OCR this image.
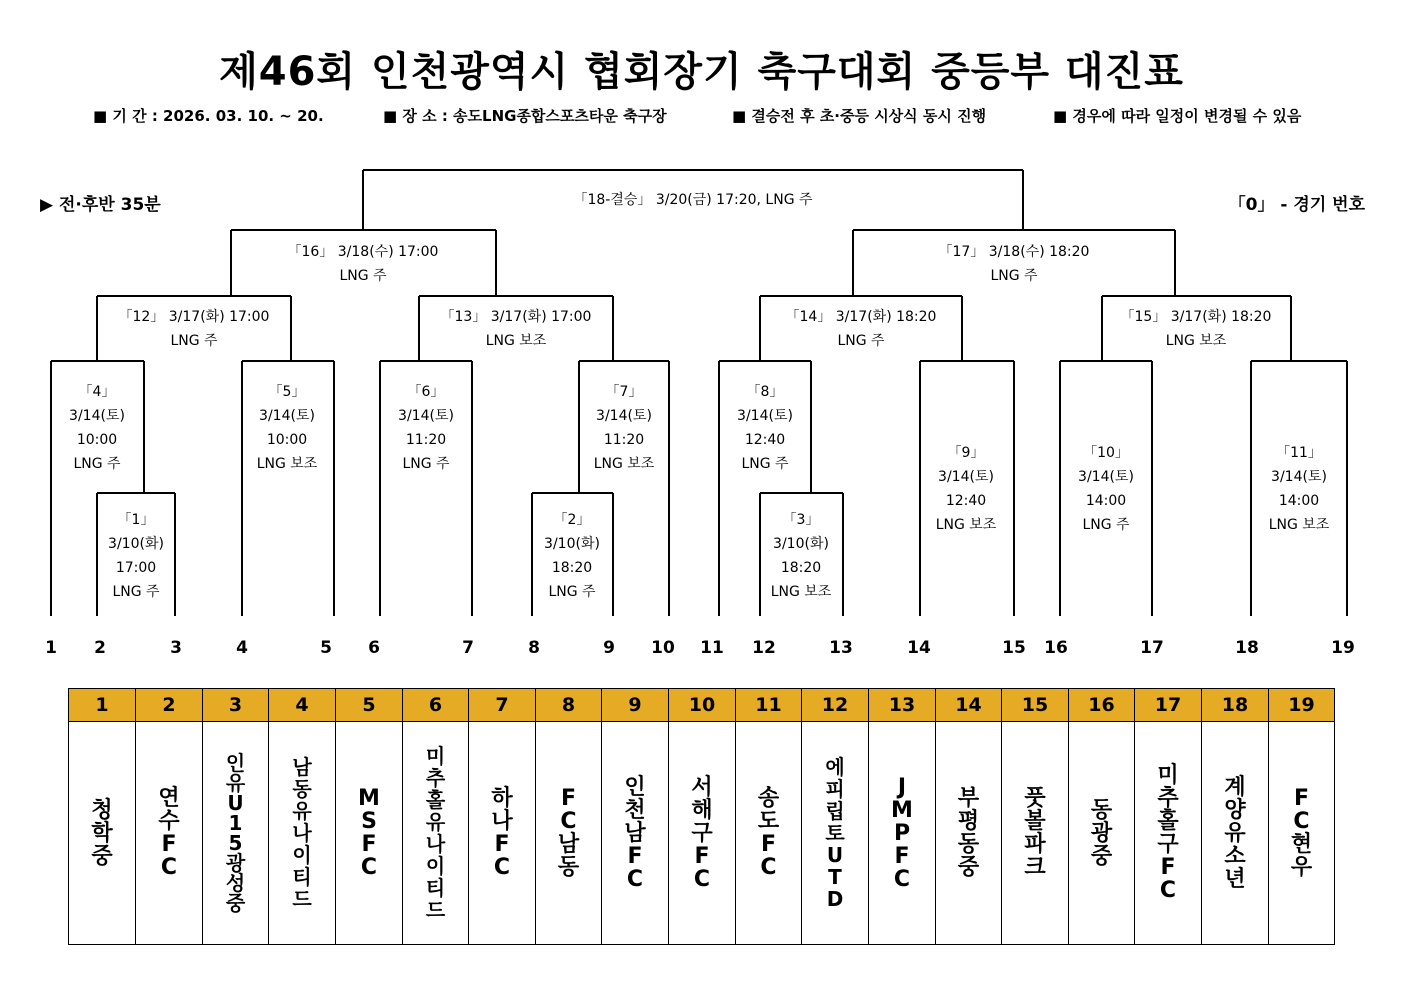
제46회 인천광역시 협회장기 축구대회 중등부 대진표
■ 기 간 : 2026. 03. 10. ~ 20.	■ 장 소 : 송도LNG종합스포츠타운 축구장	■ 결승전 후 초·중등 시상식 동시 진행	■ 경우에 따라 일정이 변경될 수 있음
▶ 전·후반 35분	「0」 - 경기 번호
「18-결승」 3/20(금) 17:20, LNG 주
「16」 3/18(수) 17:00
LNG 주
「17」 3/18(수) 18:20
LNG 주
「12」 3/17(화) 17:00
LNG 주
「13」 3/17(화) 17:00
LNG 보조
「14」 3/17(화) 18:20
LNG 주
「15」 3/17(화) 18:20
LNG 보조
「4」
3/14(토)
10:00
LNG 주
「5」
3/14(토)
10:00
LNG 보조
「6」
3/14(토)
11:20
LNG 주
「7」
3/14(토)
11:20
LNG 보조
「8」
3/14(토)
12:40
LNG 주
「9」
3/14(토)
12:40
LNG 보조
「10」
3/14(토)
14:00
LNG 주
「11」
3/14(토)
14:00
LNG 보조
「1」
3/10(화)
17:00
LNG 주
「2」
3/10(화)
18:20
LNG 주
「3」
3/10(화)
18:20
LNG 보조
1	2	3	4	5	6	7	8	9	10 11 12	13	14	15 16	17	18	19
1	2	3	4	5	6	7	8	9	10	11	12	13	14	15	16	17	18	19

청 학 중	연수FC	인유U15광성중	남동유나이티드	MSFC	미추홀유나이티드	하나FC	FC남동	인천남FC	서해구FC	송도FC	에피립토UTD	JMPFC	부평동중	풋볼파크	동광중	미추홀구FC	계양유소년	FC현우
